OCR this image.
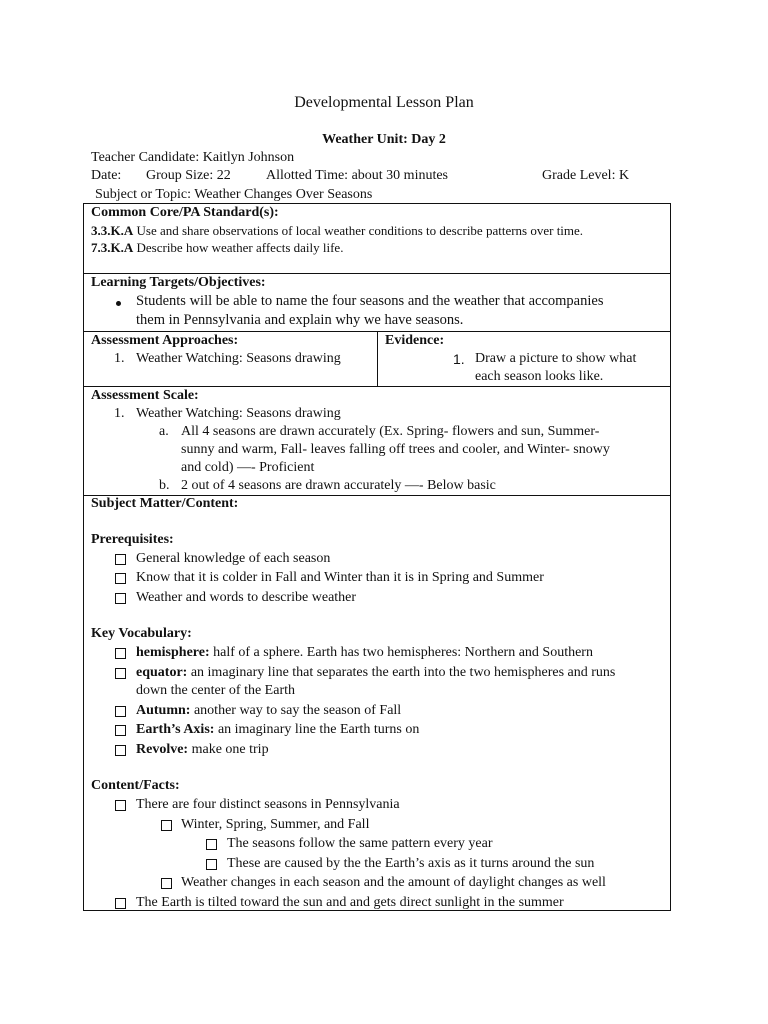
Developmental Lesson Plan
Weather Unit: Day 2
Teacher Candidate: Kaitlyn Johnson
Date: Group Size: 22	Allotted Time: about 30 minutes	Grade Level: K
Subject or Topic: Weather Changes Over Seasons
Common Core/PA Standard(s):
3.3.K.A Use and share observations of local weather conditions to describe patterns over time.
7.3.K.A Describe how weather affects daily life.
Learning Targets/Objectives:
Students will be able to name the four seasons and the weather that accompanies
them in Pennsylvania and explain why we have seasons.
Assessment Approaches:
1. Weather Watching: Seasons drawing
Evidence:
1. Draw a picture to show what
each season looks like.
Assessment Scale:
1. Weather Watching: Seasons drawing
a. All 4 seasons are drawn accurately (Ex. Spring- flowers and sun, Summer-
sunny and warm, Fall- leaves falling off trees and cooler, and Winter- snowy
and cold) —- Proficient
b. 2 out of 4 seasons are drawn accurately —- Below basic
Subject Matter/Content:
Prerequisites:
General knowledge of each season
Know that it is colder in Fall and Winter than it is in Spring and Summer
Weather and words to describe weather
Key Vocabulary:
hemisphere: half of a sphere. Earth has two hemispheres: Northern and Southern
equator: an imaginary line that separates the earth into the two hemispheres and runs
down the center of the Earth
Autumn: another way to say the season of Fall
Earth’s Axis: an imaginary line the Earth turns on
Revolve: make one trip
Content/Facts:
There are four distinct seasons in Pennsylvania
Winter, Spring, Summer, and Fall
The seasons follow the same pattern every year
These are caused by the the Earth’s axis as it turns around the sun
Weather changes in each season and the amount of daylight changes as well
The Earth is tilted toward the sun and and gets direct sunlight in the summer
